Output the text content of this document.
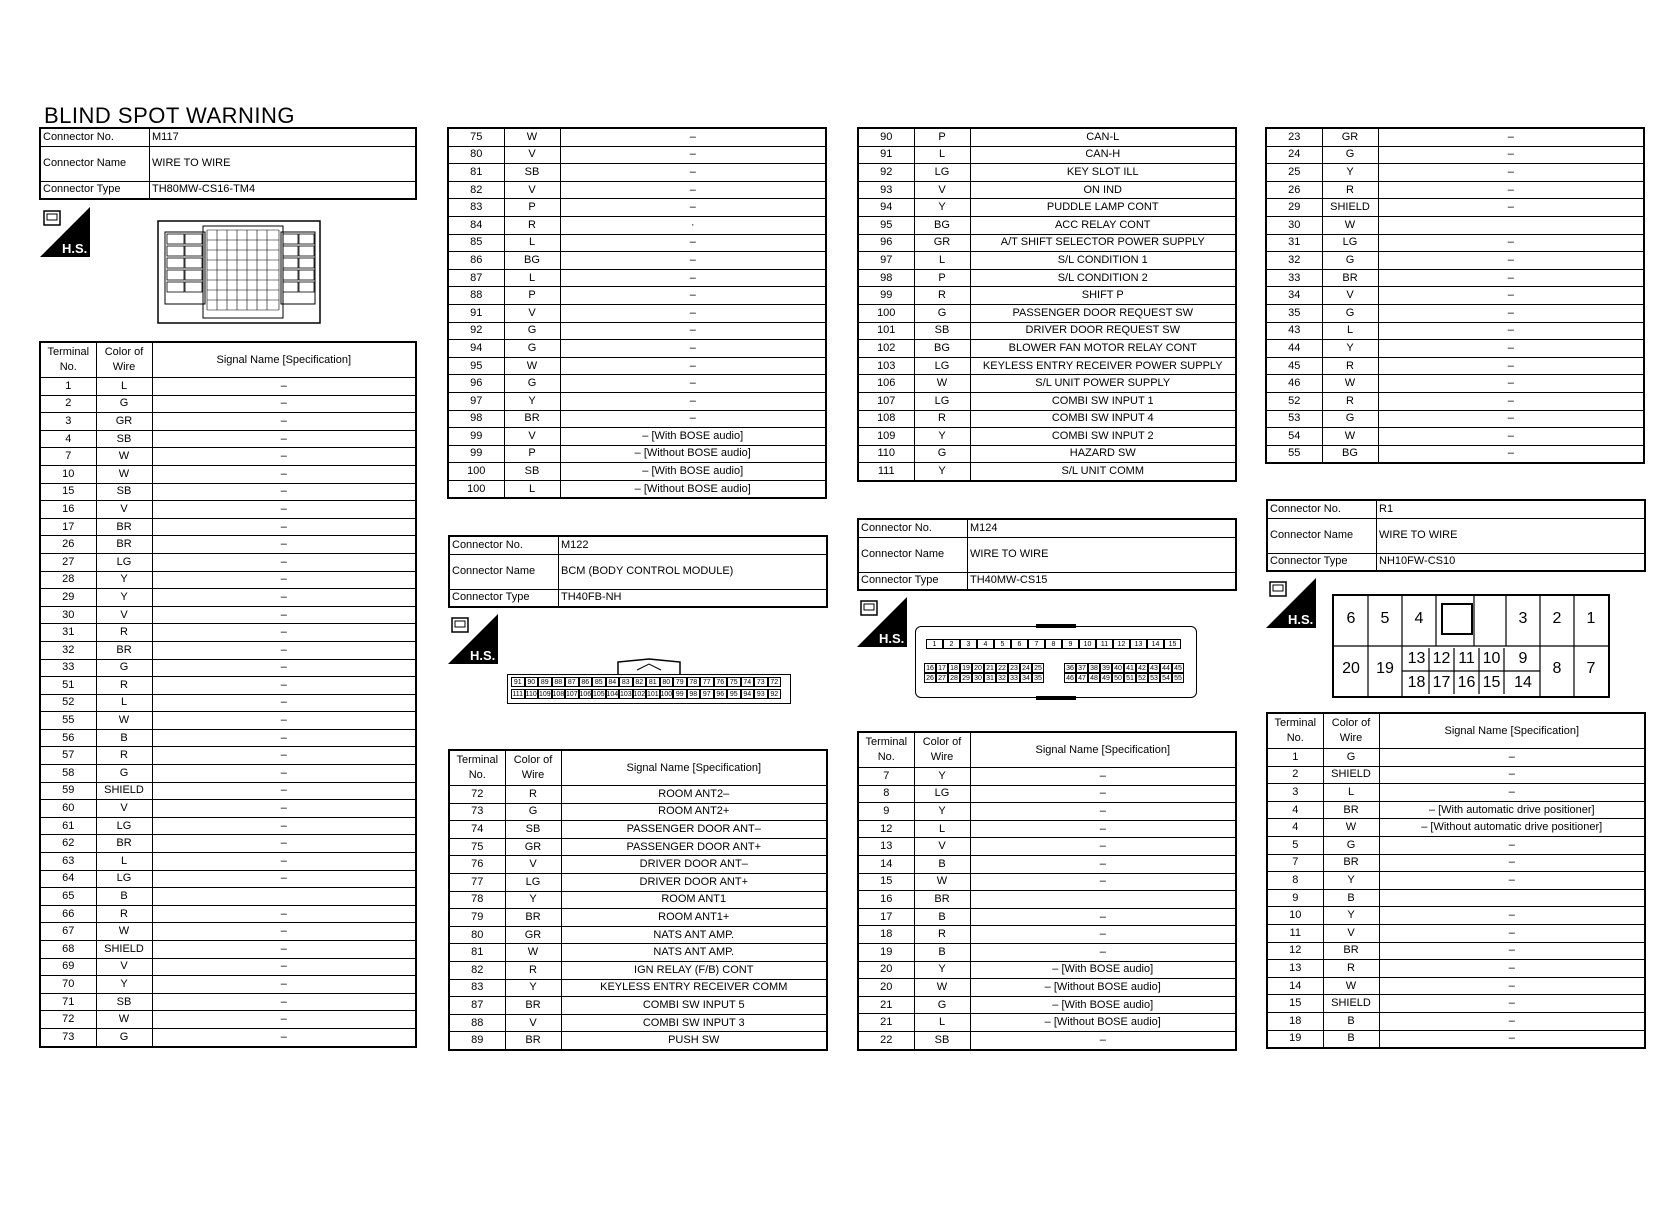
BLIND SPOT WARNING
Connector No.	M117
Connector Name	WIRE TO WIRE
Connector Type	TH80MW-CS16-TM4
H.S.
Terminal No.	Color of Wire	Signal Name [Specification]
1	L	–
2	G	–
3	GR	–
4	SB	–
7	W	–
10	W	–
15	SB	–
16	V	–
17	BR	–
26	BR	–
27	LG	–
28	Y	–
29	Y	–
30	V	–
31	R	–
32	BR	–
33	G	–
51	R	–
52	L	–
55	W	–
56	B	–
57	R	–
58	G	–
59	SHIELD	–
60	V	–
61	LG	–
62	BR	–
63	L	–
64	LG	–
65	B	
66	R	–
67	W	–
68	SHIELD	–
69	V	–
70	Y	–
71	SB	–
72	W	–
73	G	–
75	W	–
80	V	–
81	SB	–
82	V	–
83	P	–
84	R	·
85	L	–
86	BG	–
87	L	–
88	P	–
91	V	–
92	G	–
94	G	–
95	W	–
96	G	–
97	Y	–
98	BR	–
99	V	– [With BOSE audio]
99	P	– [Without BOSE audio]
100	SB	– [With BOSE audio]
100	L	– [Without BOSE audio]
Connector No.	M122
Connector Name	BCM (BODY CONTROL MODULE)
Connector Type	TH40FB-NH
H.S.
91 90 89 88 87 86 85 84 83 82 81 80 79 78 77 76 75 74 73 72
111 110 109 108 107 106 105 104 103 102 101 100 99 98 97 96 95 94 93 92
Terminal No.	Color of Wire	Signal Name [Specification]
72	R	ROOM ANT2–
73	G	ROOM ANT2+
74	SB	PASSENGER DOOR ANT–
75	GR	PASSENGER DOOR ANT+
76	V	DRIVER DOOR ANT–
77	LG	DRIVER DOOR ANT+
78	Y	ROOM ANT1
79	BR	ROOM ANT1+
80	GR	NATS ANT AMP.
81	W	NATS ANT AMP.
82	R	IGN RELAY (F/B) CONT
83	Y	KEYLESS ENTRY RECEIVER COMM
87	BR	COMBI SW INPUT 5
88	V	COMBI SW INPUT 3
89	BR	PUSH SW
90	P	CAN-L
91	L	CAN-H
92	LG	KEY SLOT ILL
93	V	ON IND
94	Y	PUDDLE LAMP CONT
95	BG	ACC RELAY CONT
96	GR	A/T SHIFT SELECTOR POWER SUPPLY
97	L	S/L CONDITION 1
98	P	S/L CONDITION 2
99	R	SHIFT P
100	G	PASSENGER DOOR REQUEST SW
101	SB	DRIVER DOOR REQUEST SW
102	BG	BLOWER FAN MOTOR RELAY CONT
103	LG	KEYLESS ENTRY RECEIVER POWER SUPPLY
106	W	S/L UNIT POWER SUPPLY
107	LG	COMBI SW INPUT 1
108	R	COMBI SW INPUT 4
109	Y	COMBI SW INPUT 2
110	G	HAZARD SW
111	Y	S/L UNIT COMM
Connector No.	M124
Connector Name	WIRE TO WIRE
Connector Type	TH40MW-CS15
H.S.	1	2	3	4	5	6	7	8	9	10	11	12	13	14	15
16 17 18 19 20 21 22 23 24 25
26 27 28 29 30 31 32 33 34 35
36 37 38 39 40 41 42 43 44 45
46 47 48 49 50 51 52 53 54 55
Terminal No.	Color of Wire	Signal Name [Specification]
7	Y	–
8	LG	–
9	Y	–
12	L	–
13	V	–
14	B	–
15	W	–
16	BR	
17	B	–
18	R	–
19	B	–
20	Y	– [With BOSE audio]
20	W	– [Without BOSE audio]
21	G	– [With BOSE audio]
21	L	– [Without BOSE audio]
22	SB	–
23	GR	–
24	G	–
25	Y	–
26	R	–
29	SHIELD	–
30	W	
31	LG	–
32	G	–
33	BR	–
34	V	–
35	G	–
43	L	–
44	Y	–
45	R	–
46	W	–
52	R	–
53	G	–
54	W	–
55	BG	–
Connector No.	R1
Connector Name	WIRE TO WIRE
Connector Type	NH10FW-CS10
H.S.	6	5	4	3	2	1
20	19
13 12 11 10	9
18 17 16 15 14
8	7
Terminal No.	Color of Wire	Signal Name [Specification]
1	G	–
2	SHIELD	–
3	L	–
4	BR	– [With automatic drive positioner]
4	W	– [Without automatic drive positioner]
5	G	–
7	BR	–
8	Y	–
9	B	
10	Y	–
11	V	–
12	BR	–
13	R	–
14	W	–
15	SHIELD	–
18	B	–
19	B	–
